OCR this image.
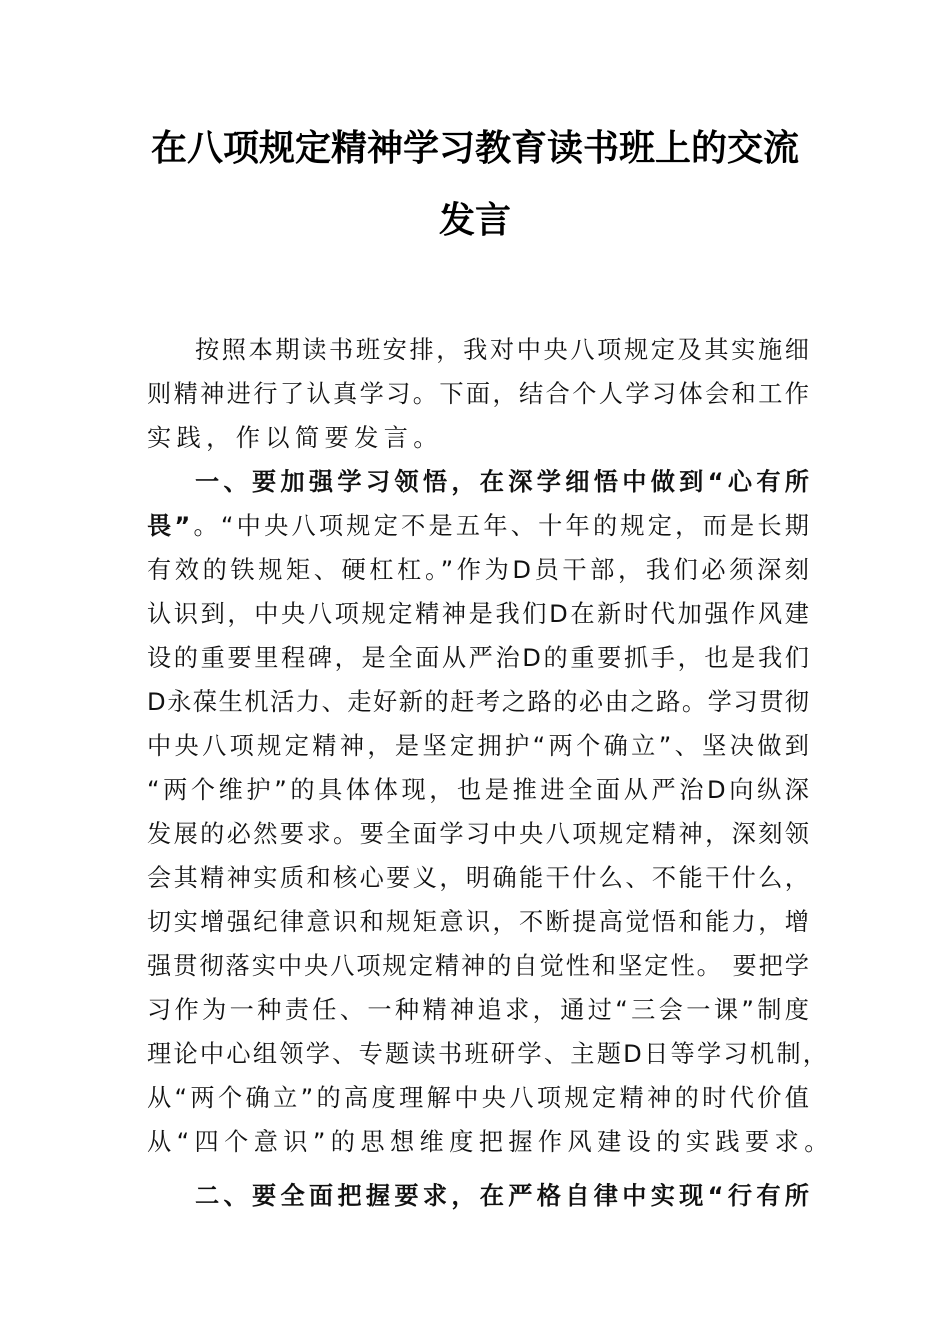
在八项规定精神学习教育读书班上的交流
发言
按照本期读书班安排，我对中央八项规定及其实施细
则精神进行了认真学习。下面，结合个人学习体会和工作
实践，作以简要发言。
一、要加强学习领悟，在深学细悟中做到“心有所
畏”。“中央八项规定不是五年、十年的规定，而是长期
有效的铁规矩、硬杠杠。”作为D员干部，我们必须深刻
认识到，中央八项规定精神是我们D在新时代加强作风建
设的重要里程碑，是全面从严治D的重要抓手，也是我们
D永葆生机活力、走好新的赶考之路的必由之路。学习贯彻
中央八项规定精神，是坚定拥护“两个确立”、坚决做到
“两个维护”的具体体现，也是推进全面从严治D向纵深
发展的必然要求。要全面学习中央八项规定精神，深刻领
会其精神实质和核心要义，明确能干什么、不能干什么，
切实增强纪律意识和规矩意识，不断提高觉悟和能力，增
强贯彻落实中央八项规定精神的自觉性和坚定性。 要把学
习作为一种责任、一种精神追求，通过“三会一课”制度
理论中心组领学、专题读书班研学、主题D日等学习机制，
从“两个确立”的高度理解中央八项规定精神的时代价值
从“四个意识”的思想维度把握作风建设的实践要求。
二、要全面把握要求，在严格自律中实现“行有所
